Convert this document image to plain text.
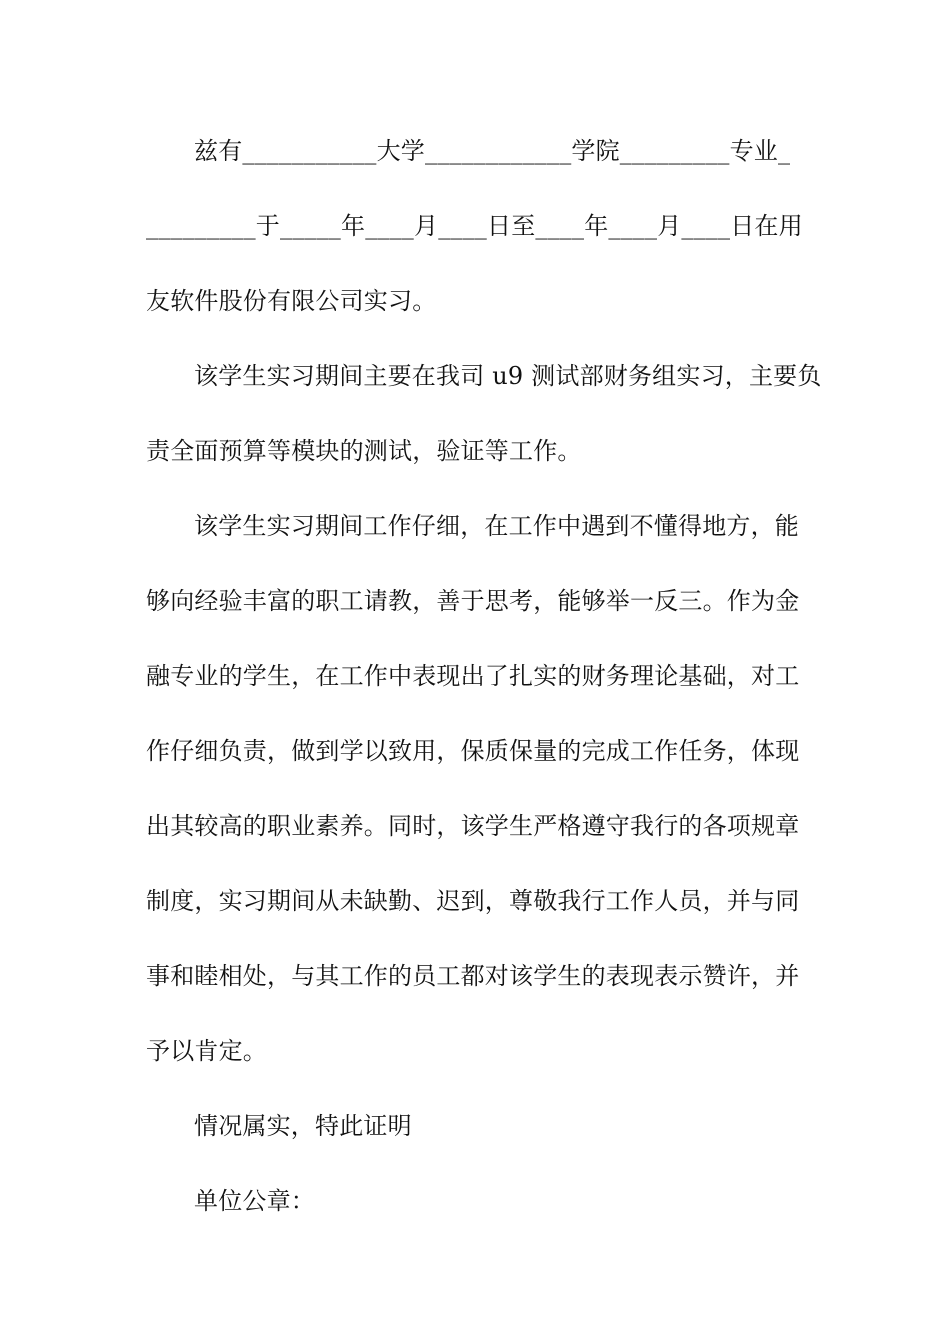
兹有___________大学____________学院_________专业_
_________于_____年____月____日至____年____月____日在用
友软件股份有限公司实习。
该学生实习期间主要在我司 u9 测试部财务组实习，主要负
责全面预算等模块的测试，验证等工作。
该学生实习期间工作仔细，在工作中遇到不懂得地方，能
够向经验丰富的职工请教，善于思考，能够举一反三。作为金
融专业的学生，在工作中表现出了扎实的财务理论基础，对工
作仔细负责，做到学以致用，保质保量的完成工作任务，体现
出其较高的职业素养。同时，该学生严格遵守我行的各项规章
制度，实习期间从未缺勤、迟到，尊敬我行工作人员，并与同
事和睦相处，与其工作的员工都对该学生的表现表示赞许，并
予以肯定。
情况属实，特此证明
单位公章：
